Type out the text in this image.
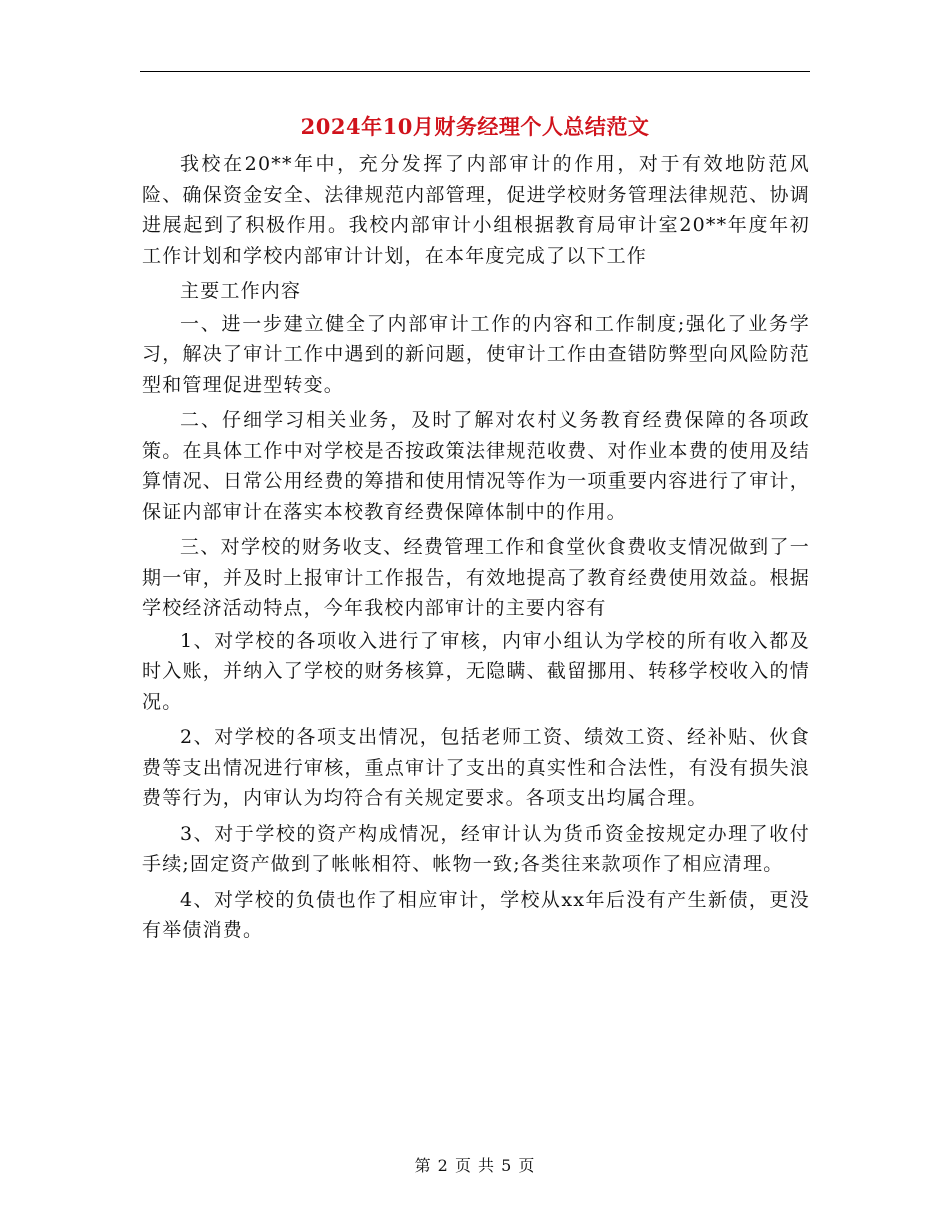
2024年10月财务经理个人总结范文

我校在20**年中，充分发挥了内部审计的作用，对于有效地防范风险、确保资金安全、法律规范内部管理，促进学校财务管理法律规范、协调进展起到了积极作用。我校内部审计小组根据教育局审计室20**年度年初工作计划和学校内部审计计划，在本年度完成了以下工作

主要工作内容

一、进一步建立健全了内部审计工作的内容和工作制度;强化了业务学习，解决了审计工作中遇到的新问题，使审计工作由查错防弊型向风险防范型和管理促进型转变。

二、仔细学习相关业务，及时了解对农村义务教育经费保障的各项政策。在具体工作中对学校是否按政策法律规范收费、对作业本费的使用及结算情况、日常公用经费的筹措和使用情况等作为一项重要内容进行了审计，保证内部审计在落实本校教育经费保障体制中的作用。

三、对学校的财务收支、经费管理工作和食堂伙食费收支情况做到了一期一审，并及时上报审计工作报告，有效地提高了教育经费使用效益。根据学校经济活动特点，今年我校内部审计的主要内容有

1、对学校的各项收入进行了审核，内审小组认为学校的所有收入都及时入账，并纳入了学校的财务核算，无隐瞒、截留挪用、转移学校收入的情况。

2、对学校的各项支出情况，包括老师工资、绩效工资、经补贴、伙食费等支出情况进行审核，重点审计了支出的真实性和合法性，有没有损失浪费等行为，内审认为均符合有关规定要求。各项支出均属合理。

3、对于学校的资产构成情况，经审计认为货币资金按规定办理了收付手续;固定资产做到了帐帐相符、帐物一致;各类往来款项作了相应清理。

4、对学校的负债也作了相应审计，学校从xx年后没有产生新债，更没有举债消费。

第 2 页 共 5 页
